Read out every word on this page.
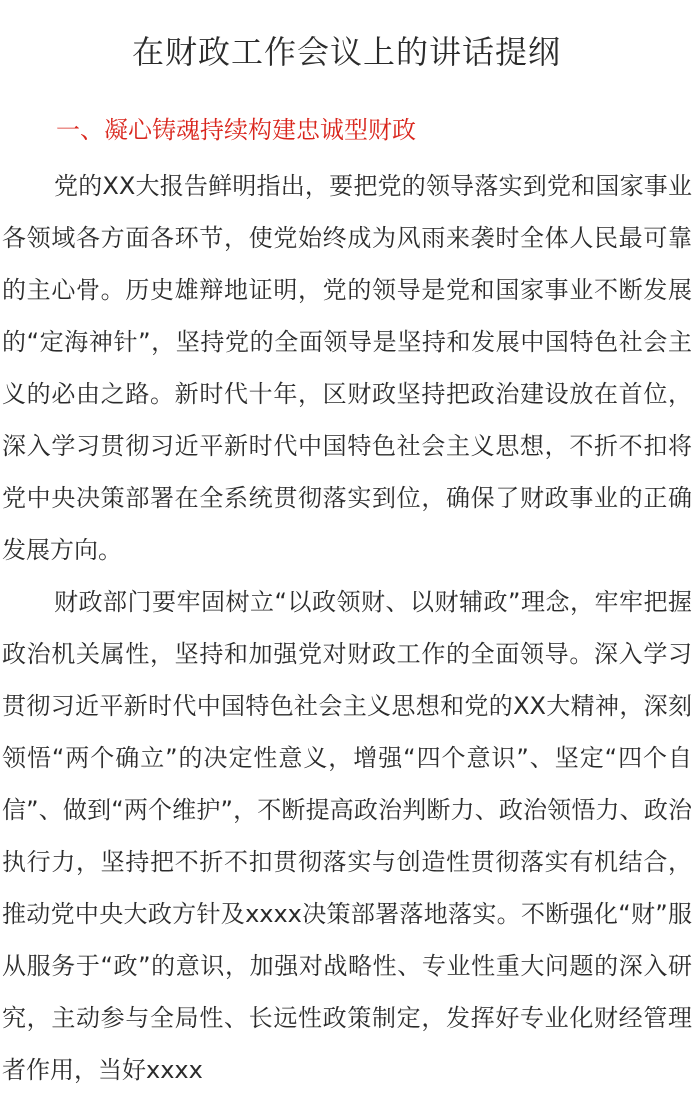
在财政工作会议上的讲话提纲
一、凝心铸魂持续构建忠诚型财政

党的XX大报告鲜明指出，要把党的领导落实到党和国家事业各领域各方面各环节，使党始终成为风雨来袭时全体人民最可靠的主心骨。历史雄辩地证明，党的领导是党和国家事业不断发展的“定海神针”，坚持党的全面领导是坚持和发展中国特色社会主义的必由之路。新时代十年，区财政坚持把政治建设放在首位，深入学习贯彻习近平新时代中国特色社会主义思想，不折不扣将党中央决策部署在全系统贯彻落实到位，确保了财政事业的正确发展方向。

财政部门要牢固树立“以政领财、以财辅政”理念，牢牢把握政治机关属性，坚持和加强党对财政工作的全面领导。深入学习贯彻习近平新时代中国特色社会主义思想和党的XX大精神，深刻领悟“两个确立”的决定性意义，增强“四个意识”、坚定“四个自信”、做到“两个维护”，不断提高政治判断力、政治领悟力、政治执行力，坚持把不折不扣贯彻落实与创造性贯彻落实有机结合，推动党中央大政方针及xxxx决策部署落地落实。不断强化“财”服从服务于“政”的意识，加强对战略性、专业性重大问题的深入研究，主动参与全局性、长远性政策制定，发挥好专业化财经管理者作用，当好xxxx
